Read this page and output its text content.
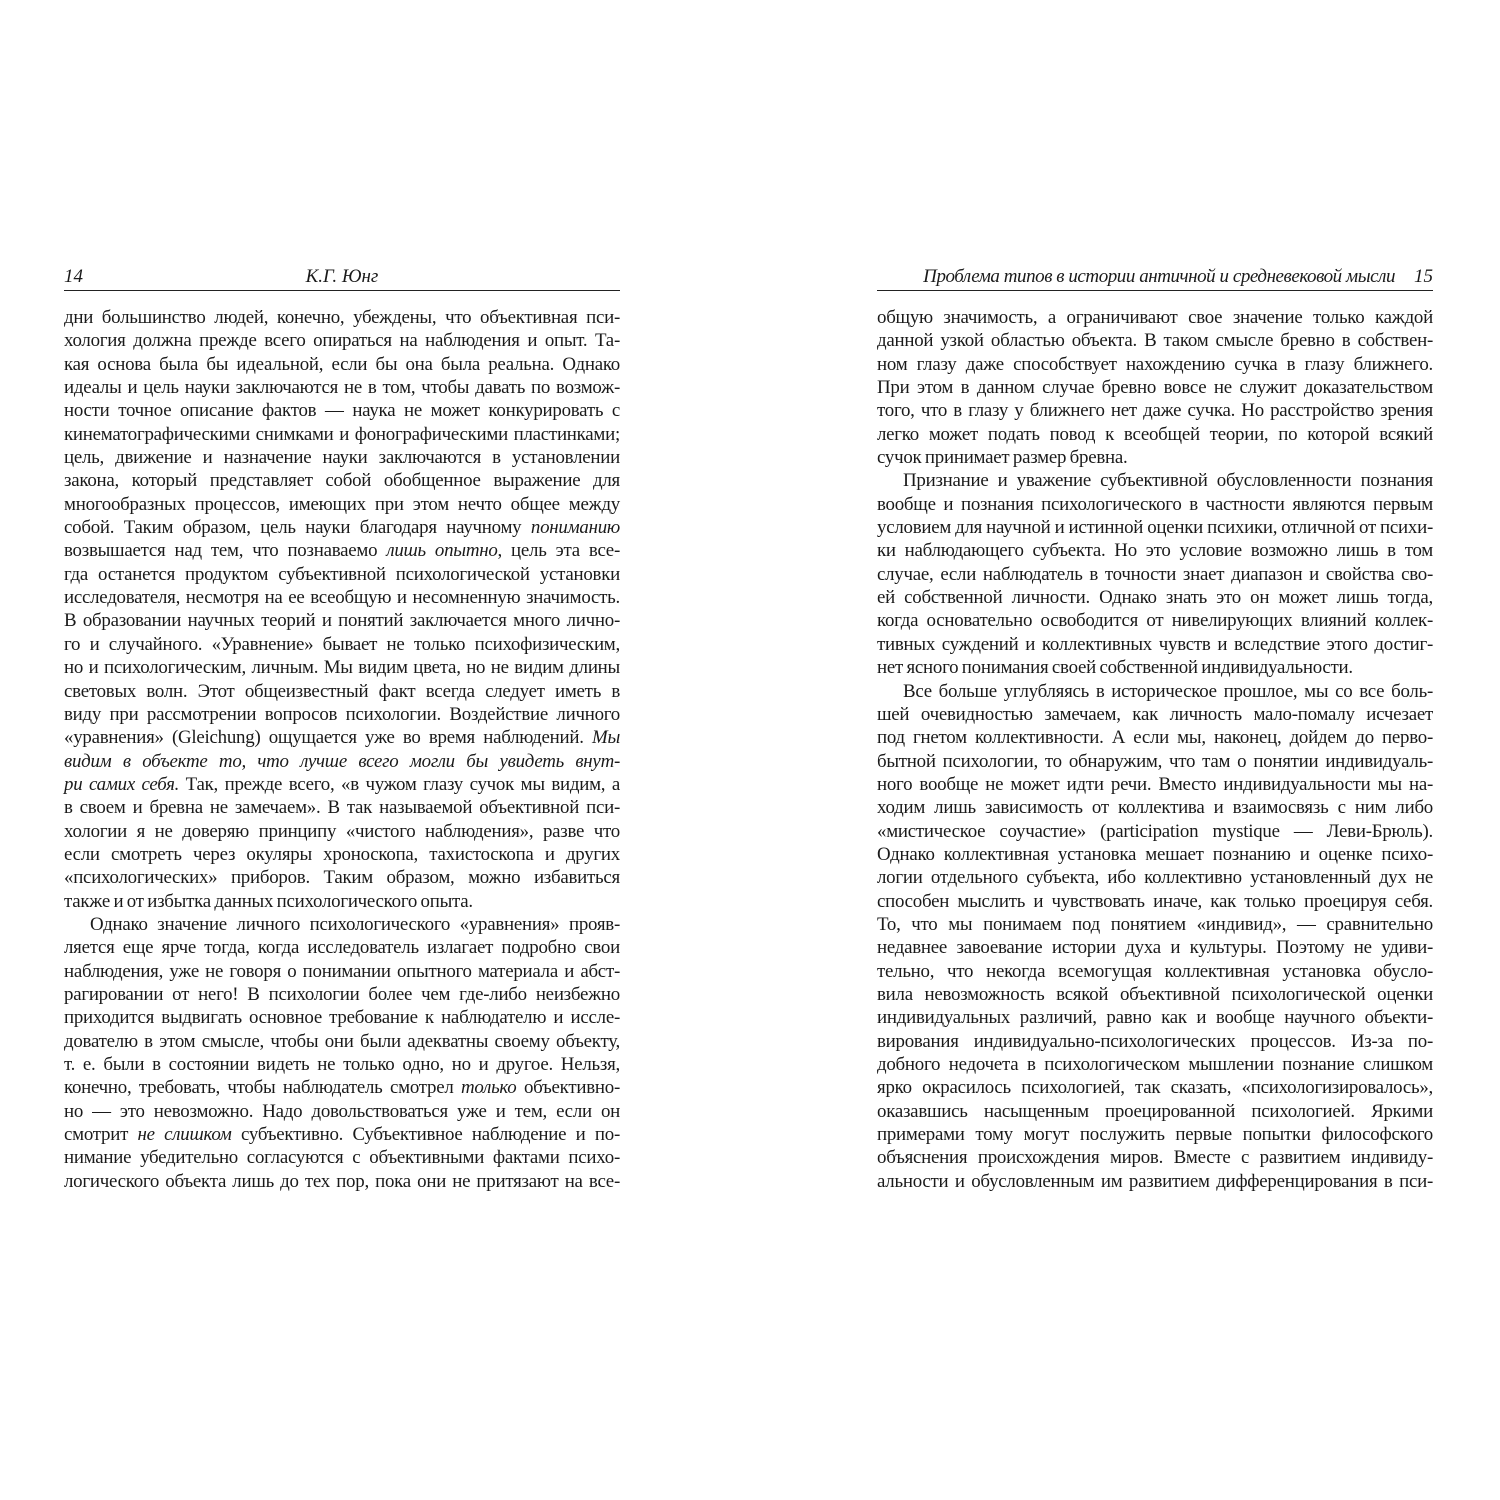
14	К.Г. Юнг
дни большинство людей, конечно, убеждены, что объективная пси-
хология должна прежде всего опираться на наблюдения и опыт. Та-
кая основа была бы идеальной, если бы она была реальна. Однако
идеалы и цель науки заключаются не в том, чтобы давать по возмож-
ности точное описание фактов — наука не может конкурировать с
кинематографическими снимками и фонографическими пластинками;
цель, движение и назначение науки заключаются в установлении
закона, который представляет собой обобщенное выражение для
многообразных процессов, имеющих при этом нечто общее между
собой. Таким образом, цель науки благодаря научному пониманию
возвышается над тем, что познаваемо лишь опытно, цель эта все-
гда останется продуктом субъективной психологической установки
исследователя, несмотря на ее всеобщую и несомненную значимость.
В образовании научных теорий и понятий заключается много лично-
го и случайного. «Уравнение» бывает не только психофизическим,
но и психологическим, личным. Мы видим цвета, но не видим длины
световых волн. Этот общеизвестный факт всегда следует иметь в
виду при рассмотрении вопросов психологии. Воздействие личного
«уравнения» (Gleichung) ощущается уже во время наблюдений. Мы
видим в объекте то, что лучше всего могли бы увидеть внут-
ри самих себя. Так, прежде всего, «в чужом глазу сучок мы видим, а
в своем и бревна не замечаем». В так называемой объективной пси-
хологии я не доверяю принципу «чистого наблюдения», разве что
если смотреть через окуляры хроноскопа, тахистоскопа и других
«психологических» приборов. Таким образом, можно избавиться
также и от избытка данных психологического опыта.
Однако значение личного психологического «уравнения» прояв-
ляется еще ярче тогда, когда исследователь излагает подробно свои
наблюдения, уже не говоря о понимании опытного материала и абст-
рагировании от него! В психологии более чем где-либо неизбежно
приходится выдвигать основное требование к наблюдателю и иссле-
дователю в этом смысле, чтобы они были адекватны своему объекту,
т. е. были в состоянии видеть не только одно, но и другое. Нельзя,
конечно, требовать, чтобы наблюдатель смотрел только объективно-
но — это невозможно. Надо довольствоваться уже и тем, если он
смотрит не слишком субъективно. Субъективное наблюдение и по-
нимание убедительно согласуются с объективными фактами психо-
логического объекта лишь до тех пор, пока они не притязают на все-
Проблема типов в истории античной и средневековой мысли 15
общую значимость, а ограничивают свое значение только каждой
данной узкой областью объекта. В таком смысле бревно в собствен-
ном глазу даже способствует нахождению сучка в глазу ближнего.
При этом в данном случае бревно вовсе не служит доказательством
того, что в глазу у ближнего нет даже сучка. Но расстройство зрения
легко может подать повод к всеобщей теории, по которой всякий
сучок принимает размер бревна.
Признание и уважение субъективной обусловленности познания
вообще и познания психологического в частности являются первым
условием для научной и истинной оценки психики, отличной от психи-
ки наблюдающего субъекта. Но это условие возможно лишь в том
случае, если наблюдатель в точности знает диапазон и свойства сво-
ей собственной личности. Однако знать это он может лишь тогда,
когда основательно освободится от нивелирующих влияний коллек-
тивных суждений и коллективных чувств и вследствие этого достиг-
нет ясного понимания своей собственной индивидуальности.
Все больше углубляясь в историческое прошлое, мы со все боль-
шей очевидностью замечаем, как личность мало-помалу исчезает
под гнетом коллективности. А если мы, наконец, дойдем до перво-
бытной психологии, то обнаружим, что там о понятии индивидуаль-
ного вообще не может идти речи. Вместо индивидуальности мы на-
ходим лишь зависимость от коллектива и взаимосвязь с ним либо
«мистическое соучастие» (participation mystique — Леви-Брюль).
Однако коллективная установка мешает познанию и оценке психо-
логии отдельного субъекта, ибо коллективно установленный дух не
способен мыслить и чувствовать иначе, как только проецируя себя.
То, что мы понимаем под понятием «индивид», — сравнительно
недавнее завоевание истории духа и культуры. Поэтому не удиви-
тельно, что некогда всемогущая коллективная установка обусло-
вила невозможность всякой объективной психологической оценки
индивидуальных различий, равно как и вообще научного объекти-
вирования индивидуально-психологических процессов. Из-за по-
добного недочета в психологическом мышлении познание слишком
ярко окрасилось психологией, так сказать, «психологизировалось»,
оказавшись насыщенным проецированной психологией. Яркими
примерами тому могут послужить первые попытки философского
объяснения происхождения миров. Вместе с развитием индивиду-
альности и обусловленным им развитием дифференцирования в пси-
